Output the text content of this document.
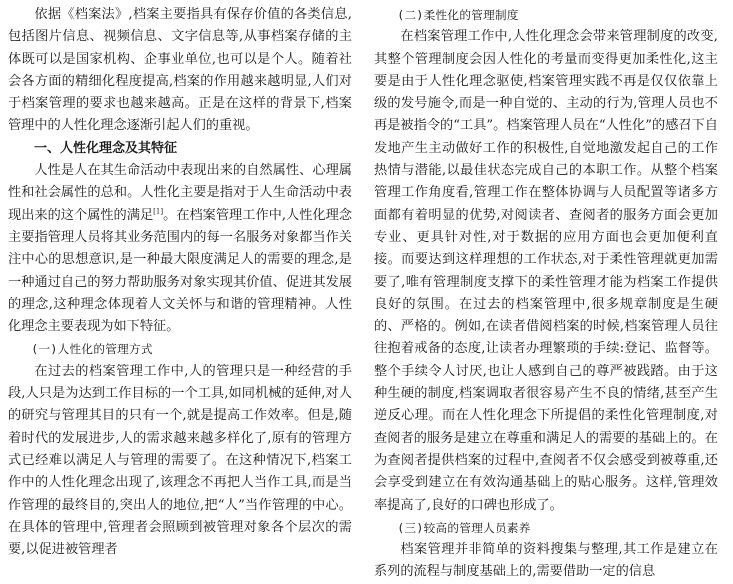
依据《档案法》,档案主要指具有保存价值的各类信息,包括图片信息、视频信息、文字信息等,从事档案存储的主体既可以是国家机构、企事业单位,也可以是个人。随着社会各方面的精细化程度提高,档案的作用越来越明显,人们对于档案管理的要求也越来越高。正是在这样的背景下,档案管理中的人性化理念逐渐引起人们的重视。

一、人性化理念及其特征

人性是人在其生命活动中表现出来的自然属性、心理属性和社会属性的总和。人性化主要是指对于人生命活动中表现出来的这个属性的满足[1]。在档案管理工作中,人性化理念主要指管理人员将其业务范围内的每一名服务对象都当作关注中心的思想意识,是一种最大限度满足人的需要的理念,是一种通过自己的努力帮助服务对象实现其价值、促进其发展的理念,这种理念体现着人文关怀与和谐的管理精神。人性化理念主要表现为如下特征。

(一)人性化的管理方式

在过去的档案管理工作中,人的管理只是一种经营的手段,人只是为达到工作目标的一个工具,如同机械的延伸,对人的研究与管理其目的只有一个,就是提高工作效率。但是,随着时代的发展进步,人的需求越来越多样化了,原有的管理方式已经难以满足人与管理的需要了。在这种情况下,档案工作中的人性化理念出现了,该理念不再把人当作工具,而是当作管理的最终目的,突出人的地位,把“人”当作管理的中心。在具体的管理中,管理者会照顾到被管理对象各个层次的需要,以促进被管理者

(二)柔性化的管理制度

在档案管理工作中,人性化理念会带来管理制度的改变,其整个管理制度会因人性化的考量而变得更加柔性化,这主要是由于人性化理念驱使,档案管理实践不再是仅仅依靠上级的发号施令,而是一种自觉的、主动的行为,管理人员也不再是被指令的“工具”。档案管理人员在“人性化”的感召下自发地产生主动做好工作的积极性,自觉地激发起自己的工作热情与潜能,以最佳状态完成自己的本职工作。从整个档案管理工作角度看,管理工作在整体协调与人员配置等诸多方面都有着明显的优势,对阅读者、查阅者的服务方面会更加专业、更具针对性,对于数据的应用方面也会更加便利直接。而要达到这样理想的工作状态,对于柔性管理就更加需要了,唯有管理制度支撑下的柔性管理才能为档案工作提供良好的氛围。在过去的档案管理中,很多规章制度是生硬的、严格的。例如,在读者借阅档案的时候,档案管理人员往往抱着戒备的态度,让读者办理繁琐的手续:登记、监督等。整个手续令人讨厌,也让人感到自己的尊严被践踏。由于这种生硬的制度,档案调取者很容易产生不良的情绪,甚至产生逆反心理。而在人性化理念下所提倡的柔性化管理制度,对查阅者的服务是建立在尊重和满足人的需要的基础上的。在为查阅者提供档案的过程中,查阅者不仅会感受到被尊重,还会享受到建立在有效沟通基础上的贴心服务。这样,管理效率提高了,良好的口碑也形成了。

(三)较高的管理人员素养

档案管理并非简单的资料搜集与整理,其工作是建立在系列的流程与制度基础上的,需要借助一定的信息
